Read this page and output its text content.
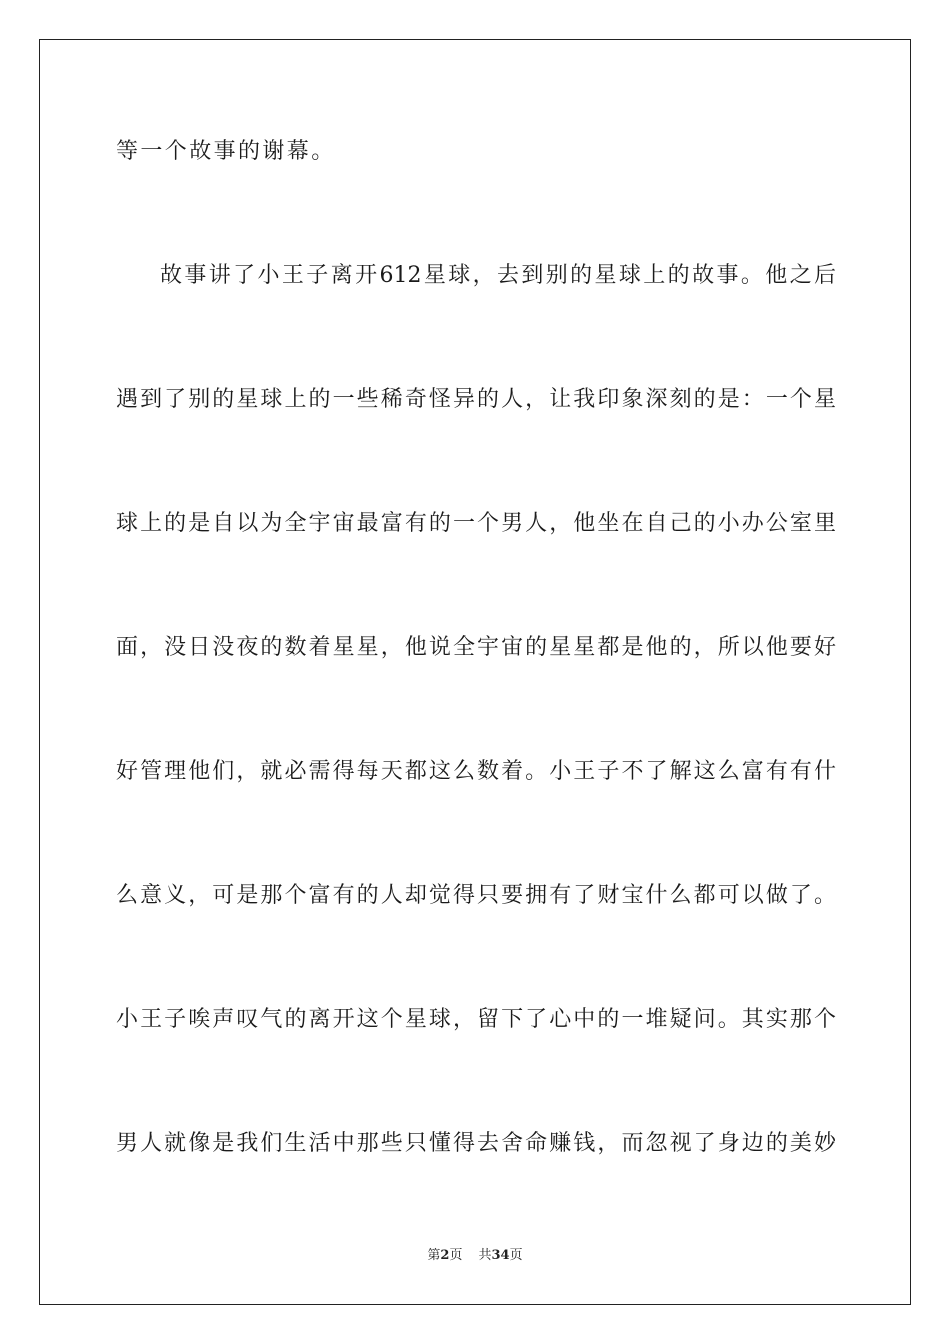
等一个故事的谢幕。
故事讲了小王子离开612星球，去到别的星球上的故事。他之后
遇到了别的星球上的一些稀奇怪异的人，让我印象深刻的是：一个星
球上的是自以为全宇宙最富有的一个男人，他坐在自己的小办公室里
面，没日没夜的数着星星，他说全宇宙的星星都是他的，所以他要好
好管理他们，就必需得每天都这么数着。小王子不了解这么富有有什
么意义，可是那个富有的人却觉得只要拥有了财宝什么都可以做了。
小王子唉声叹气的离开这个星球，留下了心中的一堆疑问。其实那个
男人就像是我们生活中那些只懂得去舍命赚钱，而忽视了身边的美妙
第2页 共34页
